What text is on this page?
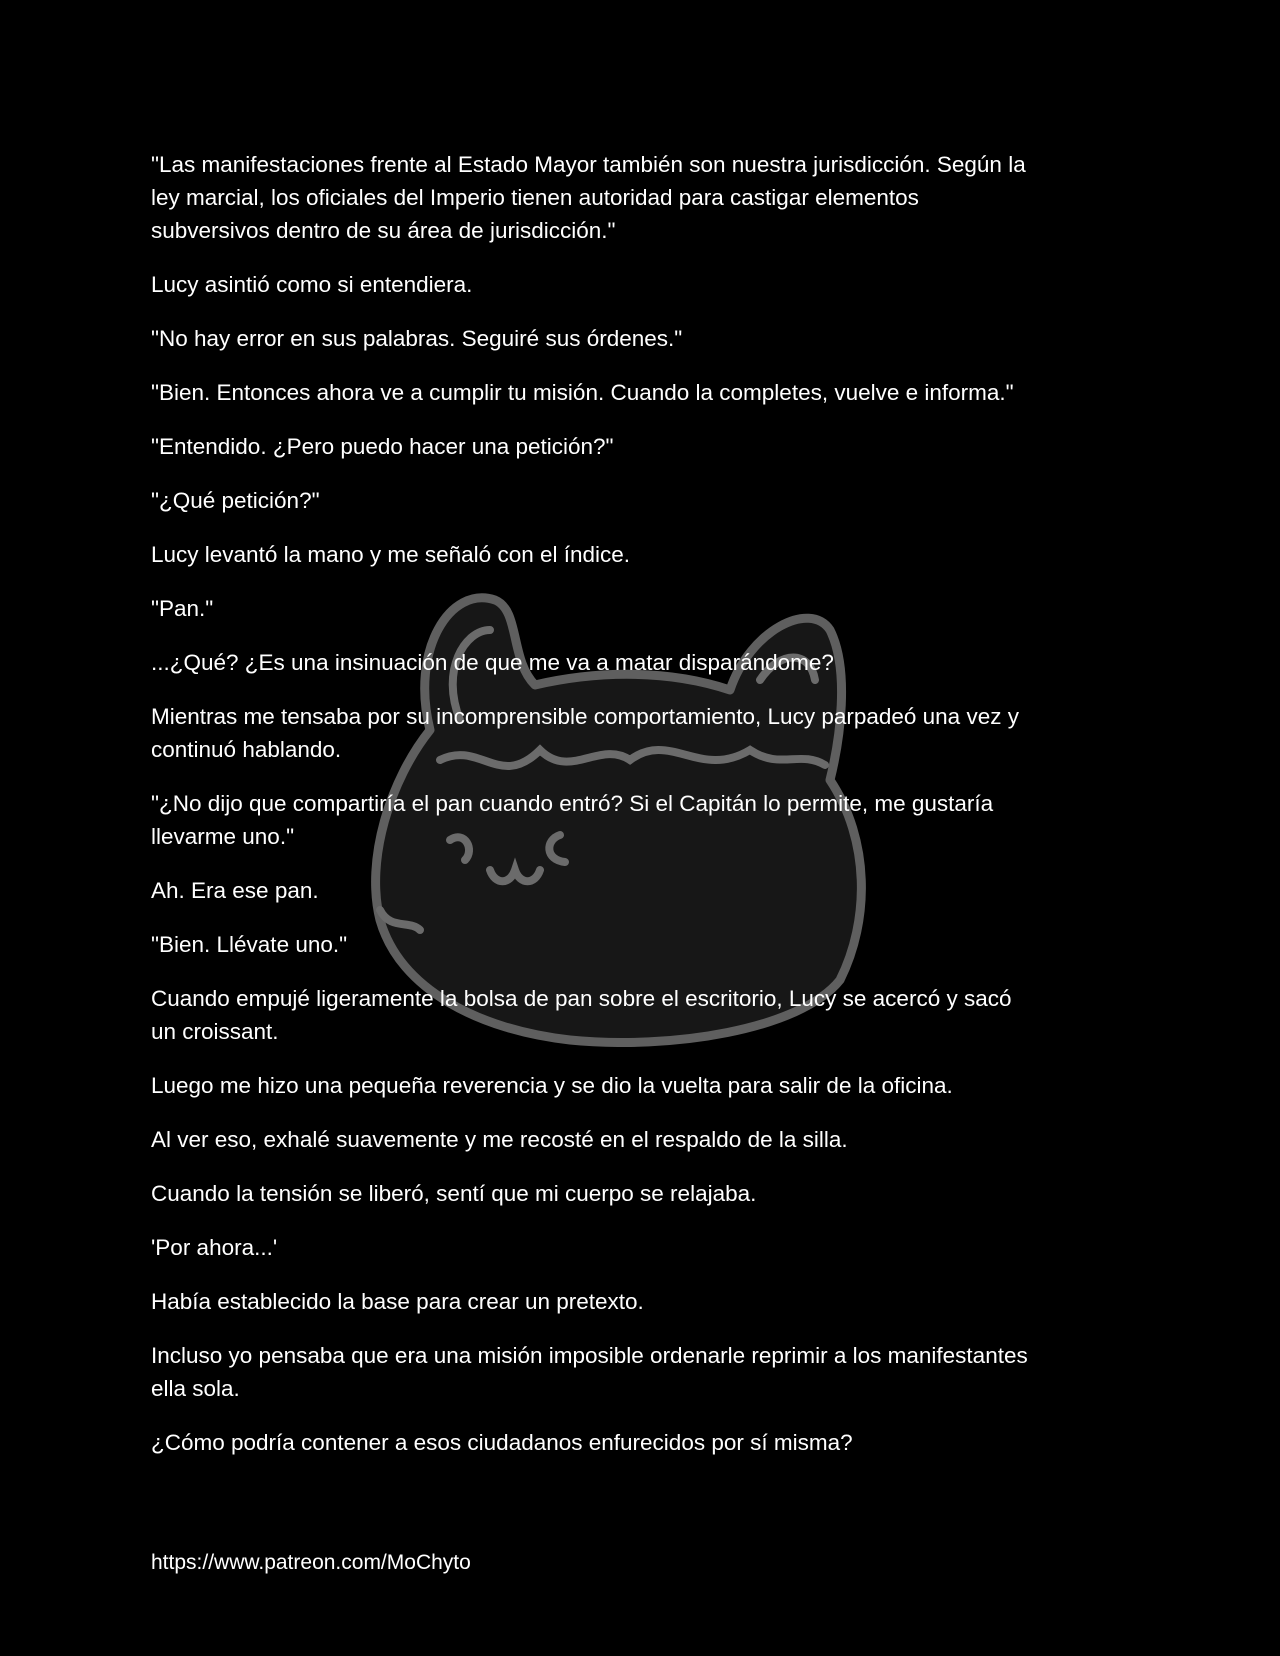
"Las manifestaciones frente al Estado Mayor también son nuestra jurisdicción. Según la
ley marcial, los oficiales del Imperio tienen autoridad para castigar elementos
subversivos dentro de su área de jurisdicción."

Lucy asintió como si entendiera.

"No hay error en sus palabras. Seguiré sus órdenes."

"Bien. Entonces ahora ve a cumplir tu misión. Cuando la completes, vuelve e informa."

"Entendido. ¿Pero puedo hacer una petición?"

"¿Qué petición?"

Lucy levantó la mano y me señaló con el índice.

"Pan."

...¿Qué? ¿Es una insinuación de que me va a matar disparándome?

Mientras me tensaba por su incomprensible comportamiento, Lucy parpadeó una vez y
continuó hablando.

"¿No dijo que compartiría el pan cuando entró? Si el Capitán lo permite, me gustaría
llevarme uno."

Ah. Era ese pan.

"Bien. Llévate uno."

Cuando empujé ligeramente la bolsa de pan sobre el escritorio, Lucy se acercó y sacó
un croissant.

Luego me hizo una pequeña reverencia y se dio la vuelta para salir de la oficina.

Al ver eso, exhalé suavemente y me recosté en el respaldo de la silla.

Cuando la tensión se liberó, sentí que mi cuerpo se relajaba.

'Por ahora...'

Había establecido la base para crear un pretexto.

Incluso yo pensaba que era una misión imposible ordenarle reprimir a los manifestantes
ella sola.

¿Cómo podría contener a esos ciudadanos enfurecidos por sí misma?

https://www.patreon.com/MoChyto
